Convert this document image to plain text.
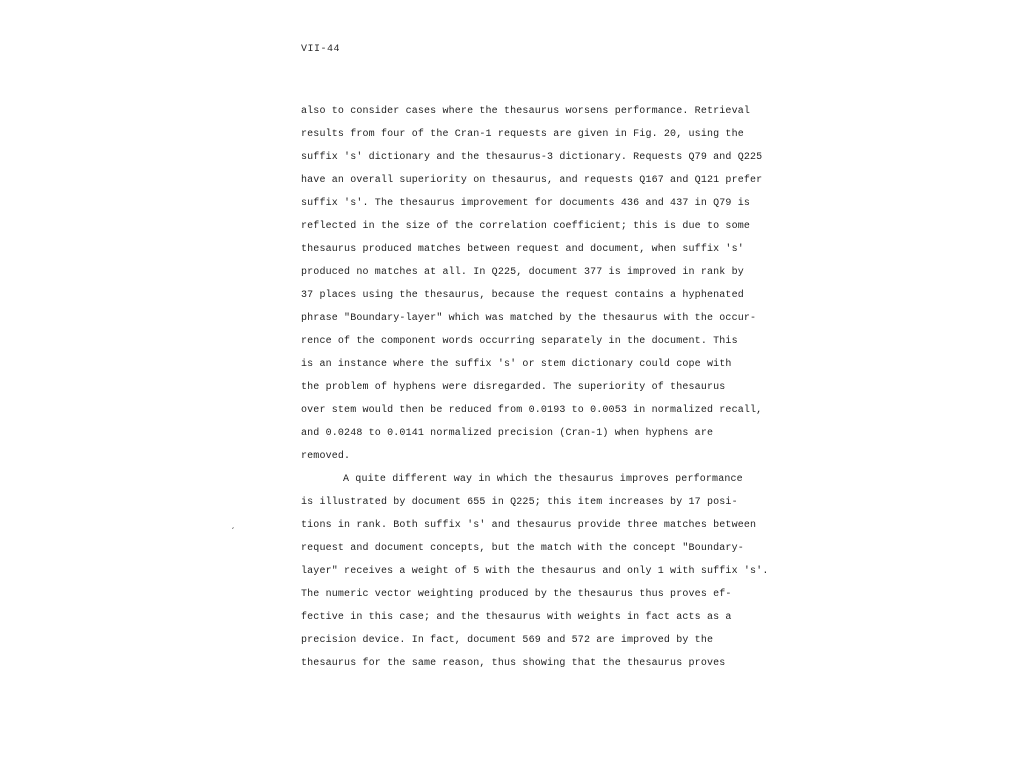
VII-44
ˏ
also to consider cases where the thesaurus worsens performance. Retrieval
results from four of the Cran-1 requests are given in Fig. 20, using the
suffix 's' dictionary and the thesaurus-3 dictionary. Requests Q79 and Q225
have an overall superiority on thesaurus, and requests Q167 and Q121 prefer
suffix 's'. The thesaurus improvement for documents 436 and 437 in Q79 is
reflected in the size of the correlation coefficient; this is due to some
thesaurus produced matches between request and document, when suffix 's'
produced no matches at all. In Q225, document 377 is improved in rank by
37 places using the thesaurus, because the request contains a hyphenated
phrase "Boundary-layer" which was matched by the thesaurus with the occur-
rence of the component words occurring separately in the document. This
is an instance where the suffix 's' or stem dictionary could cope with
the problem of hyphens were disregarded. The superiority of thesaurus
over stem would then be reduced from 0.0193 to 0.0053 in normalized recall,
and 0.0248 to 0.0141 normalized precision (Cran-1) when hyphens are
removed.
A quite different way in which the thesaurus improves performance
is illustrated by document 655 in Q225; this item increases by 17 posi-
tions in rank. Both suffix 's' and thesaurus provide three matches between
request and document concepts, but the match with the concept "Boundary-
layer" receives a weight of 5 with the thesaurus and only 1 with suffix 's'.
The numeric vector weighting produced by the thesaurus thus proves ef-
fective in this case; and the thesaurus with weights in fact acts as a
precision device. In fact, document 569 and 572 are improved by the
thesaurus for the same reason, thus showing that the thesaurus proves
